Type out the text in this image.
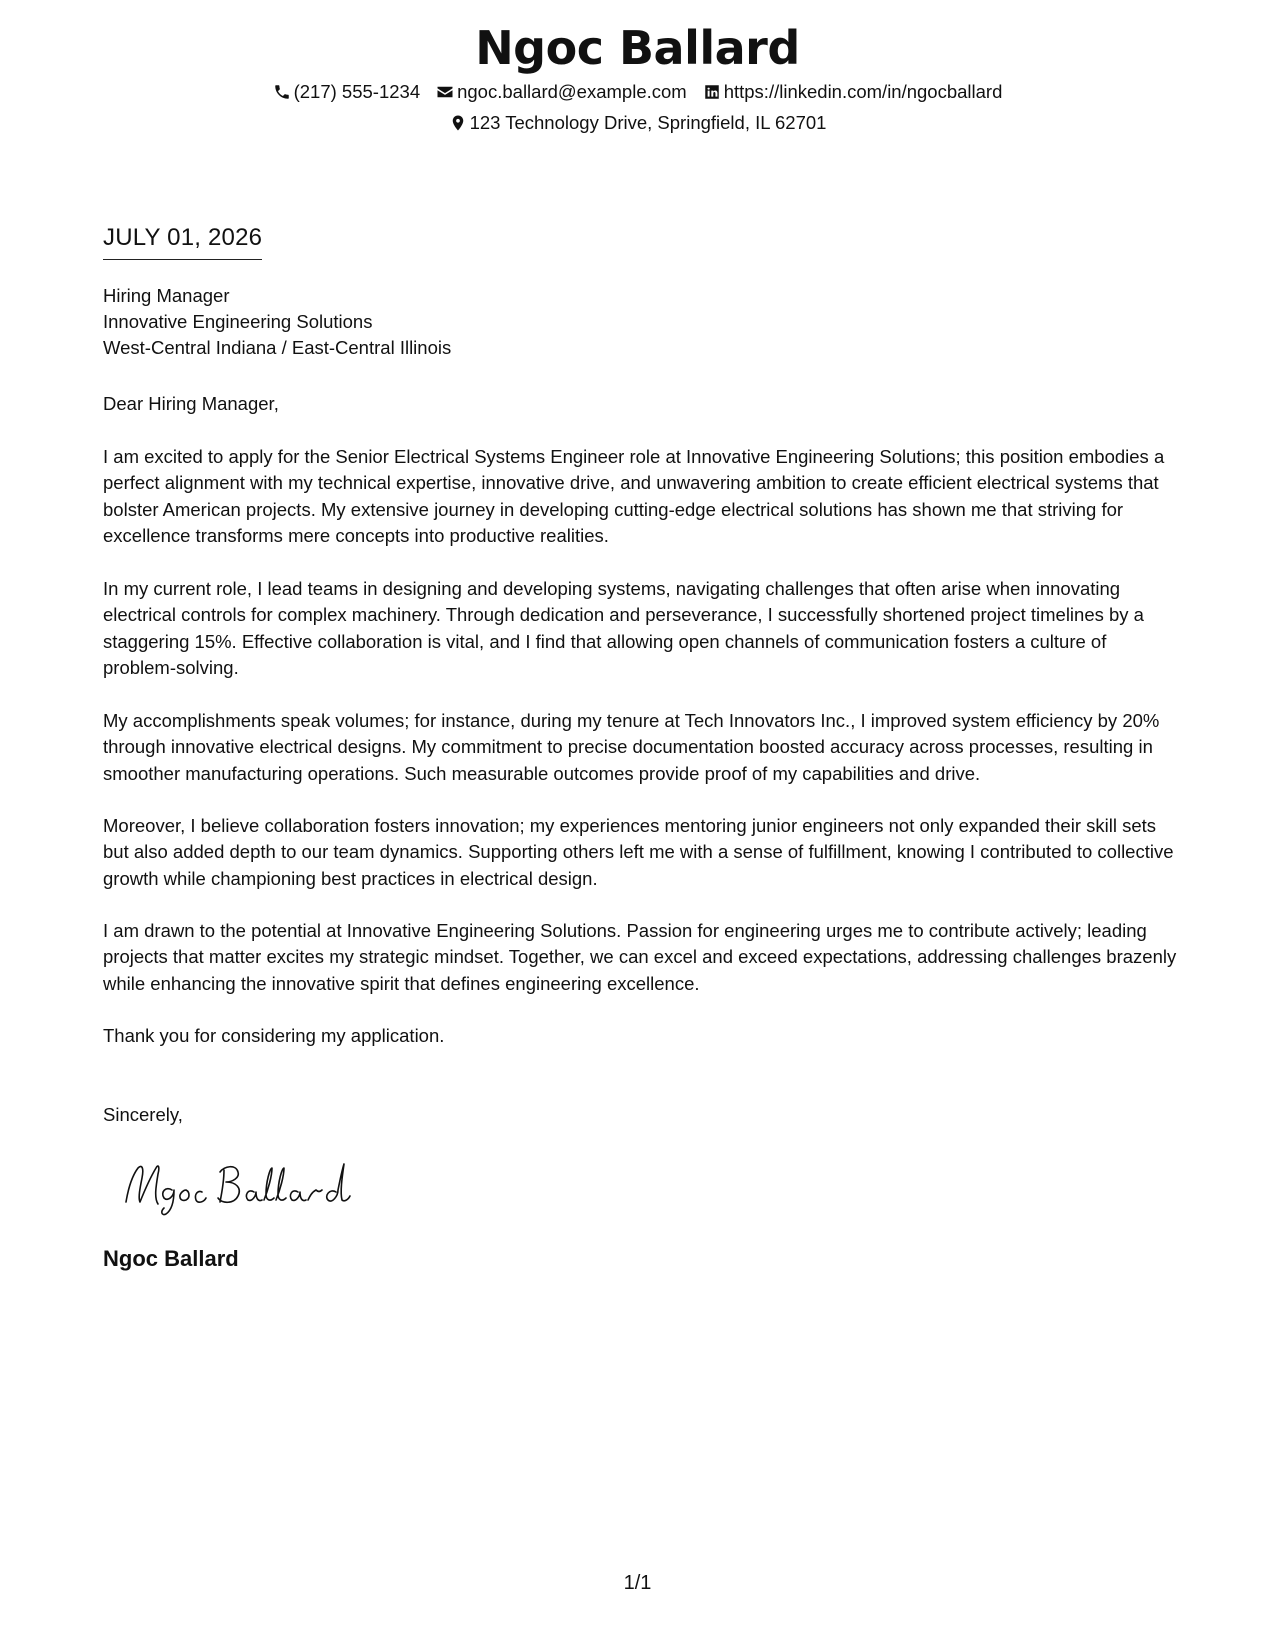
Ngoc Ballard
(217) 555-1234 ngoc.ballard@example.com https://linkedin.com/in/ngocballard
123 Technology Drive, Springfield, IL 62701
JULY 01, 2026
Hiring Manager
Innovative Engineering Solutions
West-Central Indiana / East-Central Illinois
Dear Hiring Manager,

I am excited to apply for the Senior Electrical Systems Engineer role at Innovative Engineering Solutions; this position embodies a perfect alignment with my technical expertise, innovative drive, and unwavering ambition to create efficient electrical systems that bolster American projects. My extensive journey in developing cutting-edge electrical solutions has shown me that striving for excellence transforms mere concepts into productive realities.

In my current role, I lead teams in designing and developing systems, navigating challenges that often arise when innovating electrical controls for complex machinery. Through dedication and perseverance, I successfully shortened project timelines by a staggering 15%. Effective collaboration is vital, and I find that allowing open channels of communication fosters a culture of problem-solving.

My accomplishments speak volumes; for instance, during my tenure at Tech Innovators Inc., I improved system efficiency by 20% through innovative electrical designs. My commitment to precise documentation boosted accuracy across processes, resulting in smoother manufacturing operations. Such measurable outcomes provide proof of my capabilities and drive.

Moreover, I believe collaboration fosters innovation; my experiences mentoring junior engineers not only expanded their skill sets but also added depth to our team dynamics. Supporting others left me with a sense of fulfillment, knowing I contributed to collective growth while championing best practices in electrical design.

I am drawn to the potential at Innovative Engineering Solutions. Passion for engineering urges me to contribute actively; leading projects that matter excites my strategic mindset. Together, we can excel and exceed expectations, addressing challenges brazenly while enhancing the innovative spirit that defines engineering excellence.

Thank you for considering my application.
Sincerely,
Ngoc Ballard
1/1
